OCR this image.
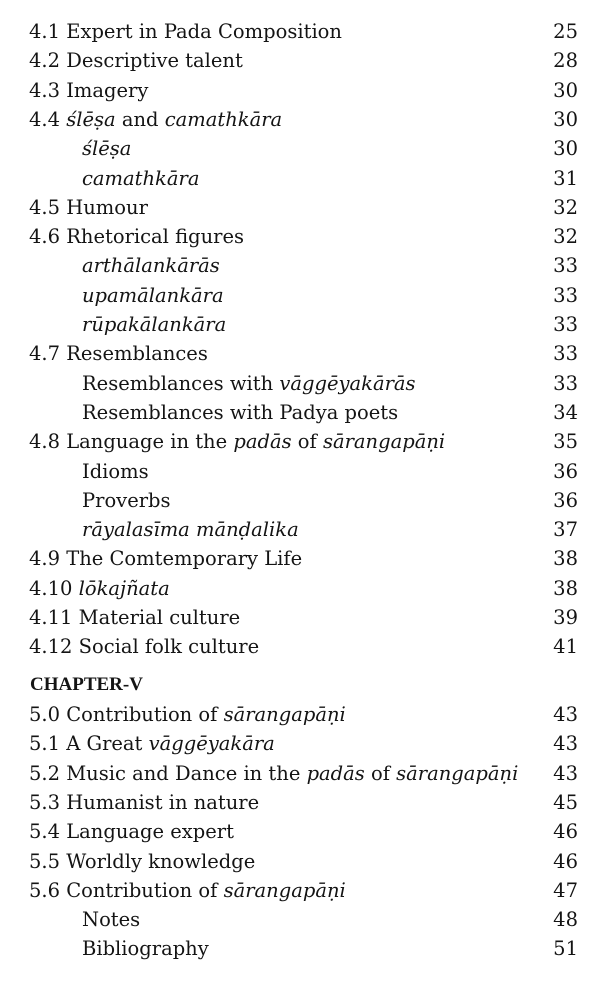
4.1 Expert in Pada Composition	25
4.2 Descriptive talent	28
4.3 Imagery	30
4.4 ślēṣa and camathkāra	30
ślēṣa	30
camathkāra	31
4.5 Humour	32
4.6 Rhetorical figures	32
arthālankārās	33
upamālankāra	33
rūpakālankāra	33
4.7 Resemblances	33
Resemblances with vāggēyakārās	33
Resemblances with Padya poets	34
4.8 Language in the padās of sārangapāṇi	35
Idioms	36
Proverbs	36
rāyalasīma mānḍalika	37
4.9 The Comtemporary Life	38
4.10 lōkajñata	38
4.11 Material culture	39
4.12 Social folk culture	41
CHAPTER-V
5.0 Contribution of sārangapāṇi	43
5.1 A Great vāggēyakāra	43
5.2 Music and Dance in the padās of sārangapāṇi 43
5.3 Humanist in nature	45
5.4 Language expert	46
5.5 Worldly knowledge	46
5.6 Contribution of sārangapāṇi	47
Notes	48
Bibliography	51
